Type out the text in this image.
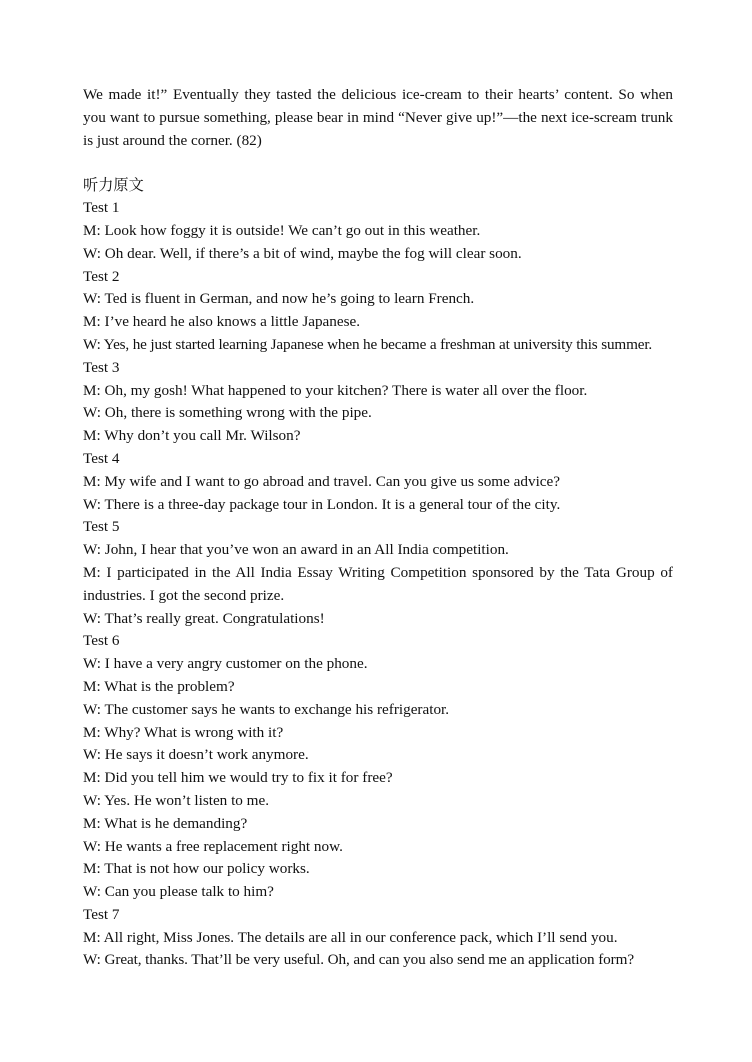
We made it!” Eventually they tasted the delicious ice-cream to their hearts’ content. So when you want to pursue something, please bear in mind “Never give up!”—the next ice-scream trunk is just around the corner. (82)

听力原文
Test 1
M: Look how foggy it is outside! We can’t go out in this weather.
W: Oh dear. Well, if there’s a bit of wind, maybe the fog will clear soon.
Test 2
W: Ted is fluent in German, and now he’s going to learn French.
M: I’ve heard he also knows a little Japanese.
W: Yes, he just started learning Japanese when he became a freshman at university this summer.
Test 3
M: Oh, my gosh! What happened to your kitchen? There is water all over the floor.
W: Oh, there is something wrong with the pipe.
M: Why don’t you call Mr. Wilson?
Test 4
M: My wife and I want to go abroad and travel. Can you give us some advice?
W: There is a three-day package tour in London. It is a general tour of the city.
Test 5
W: John, I hear that you’ve won an award in an All India competition.
M: I participated in the All India Essay Writing Competition sponsored by the Tata Group of industries. I got the second prize.
W: That’s really great. Congratulations!
Test 6
W: I have a very angry customer on the phone.
M: What is the problem?
W: The customer says he wants to exchange his refrigerator.
M: Why? What is wrong with it?
W: He says it doesn’t work anymore.
M: Did you tell him we would try to fix it for free?
W: Yes. He won’t listen to me.
M: What is he demanding?
W: He wants a free replacement right now.
M: That is not how our policy works.
W: Can you please talk to him?
Test 7
M: All right, Miss Jones. The details are all in our conference pack, which I’ll send you.
W: Great, thanks. That’ll be very useful. Oh, and can you also send me an application form?
